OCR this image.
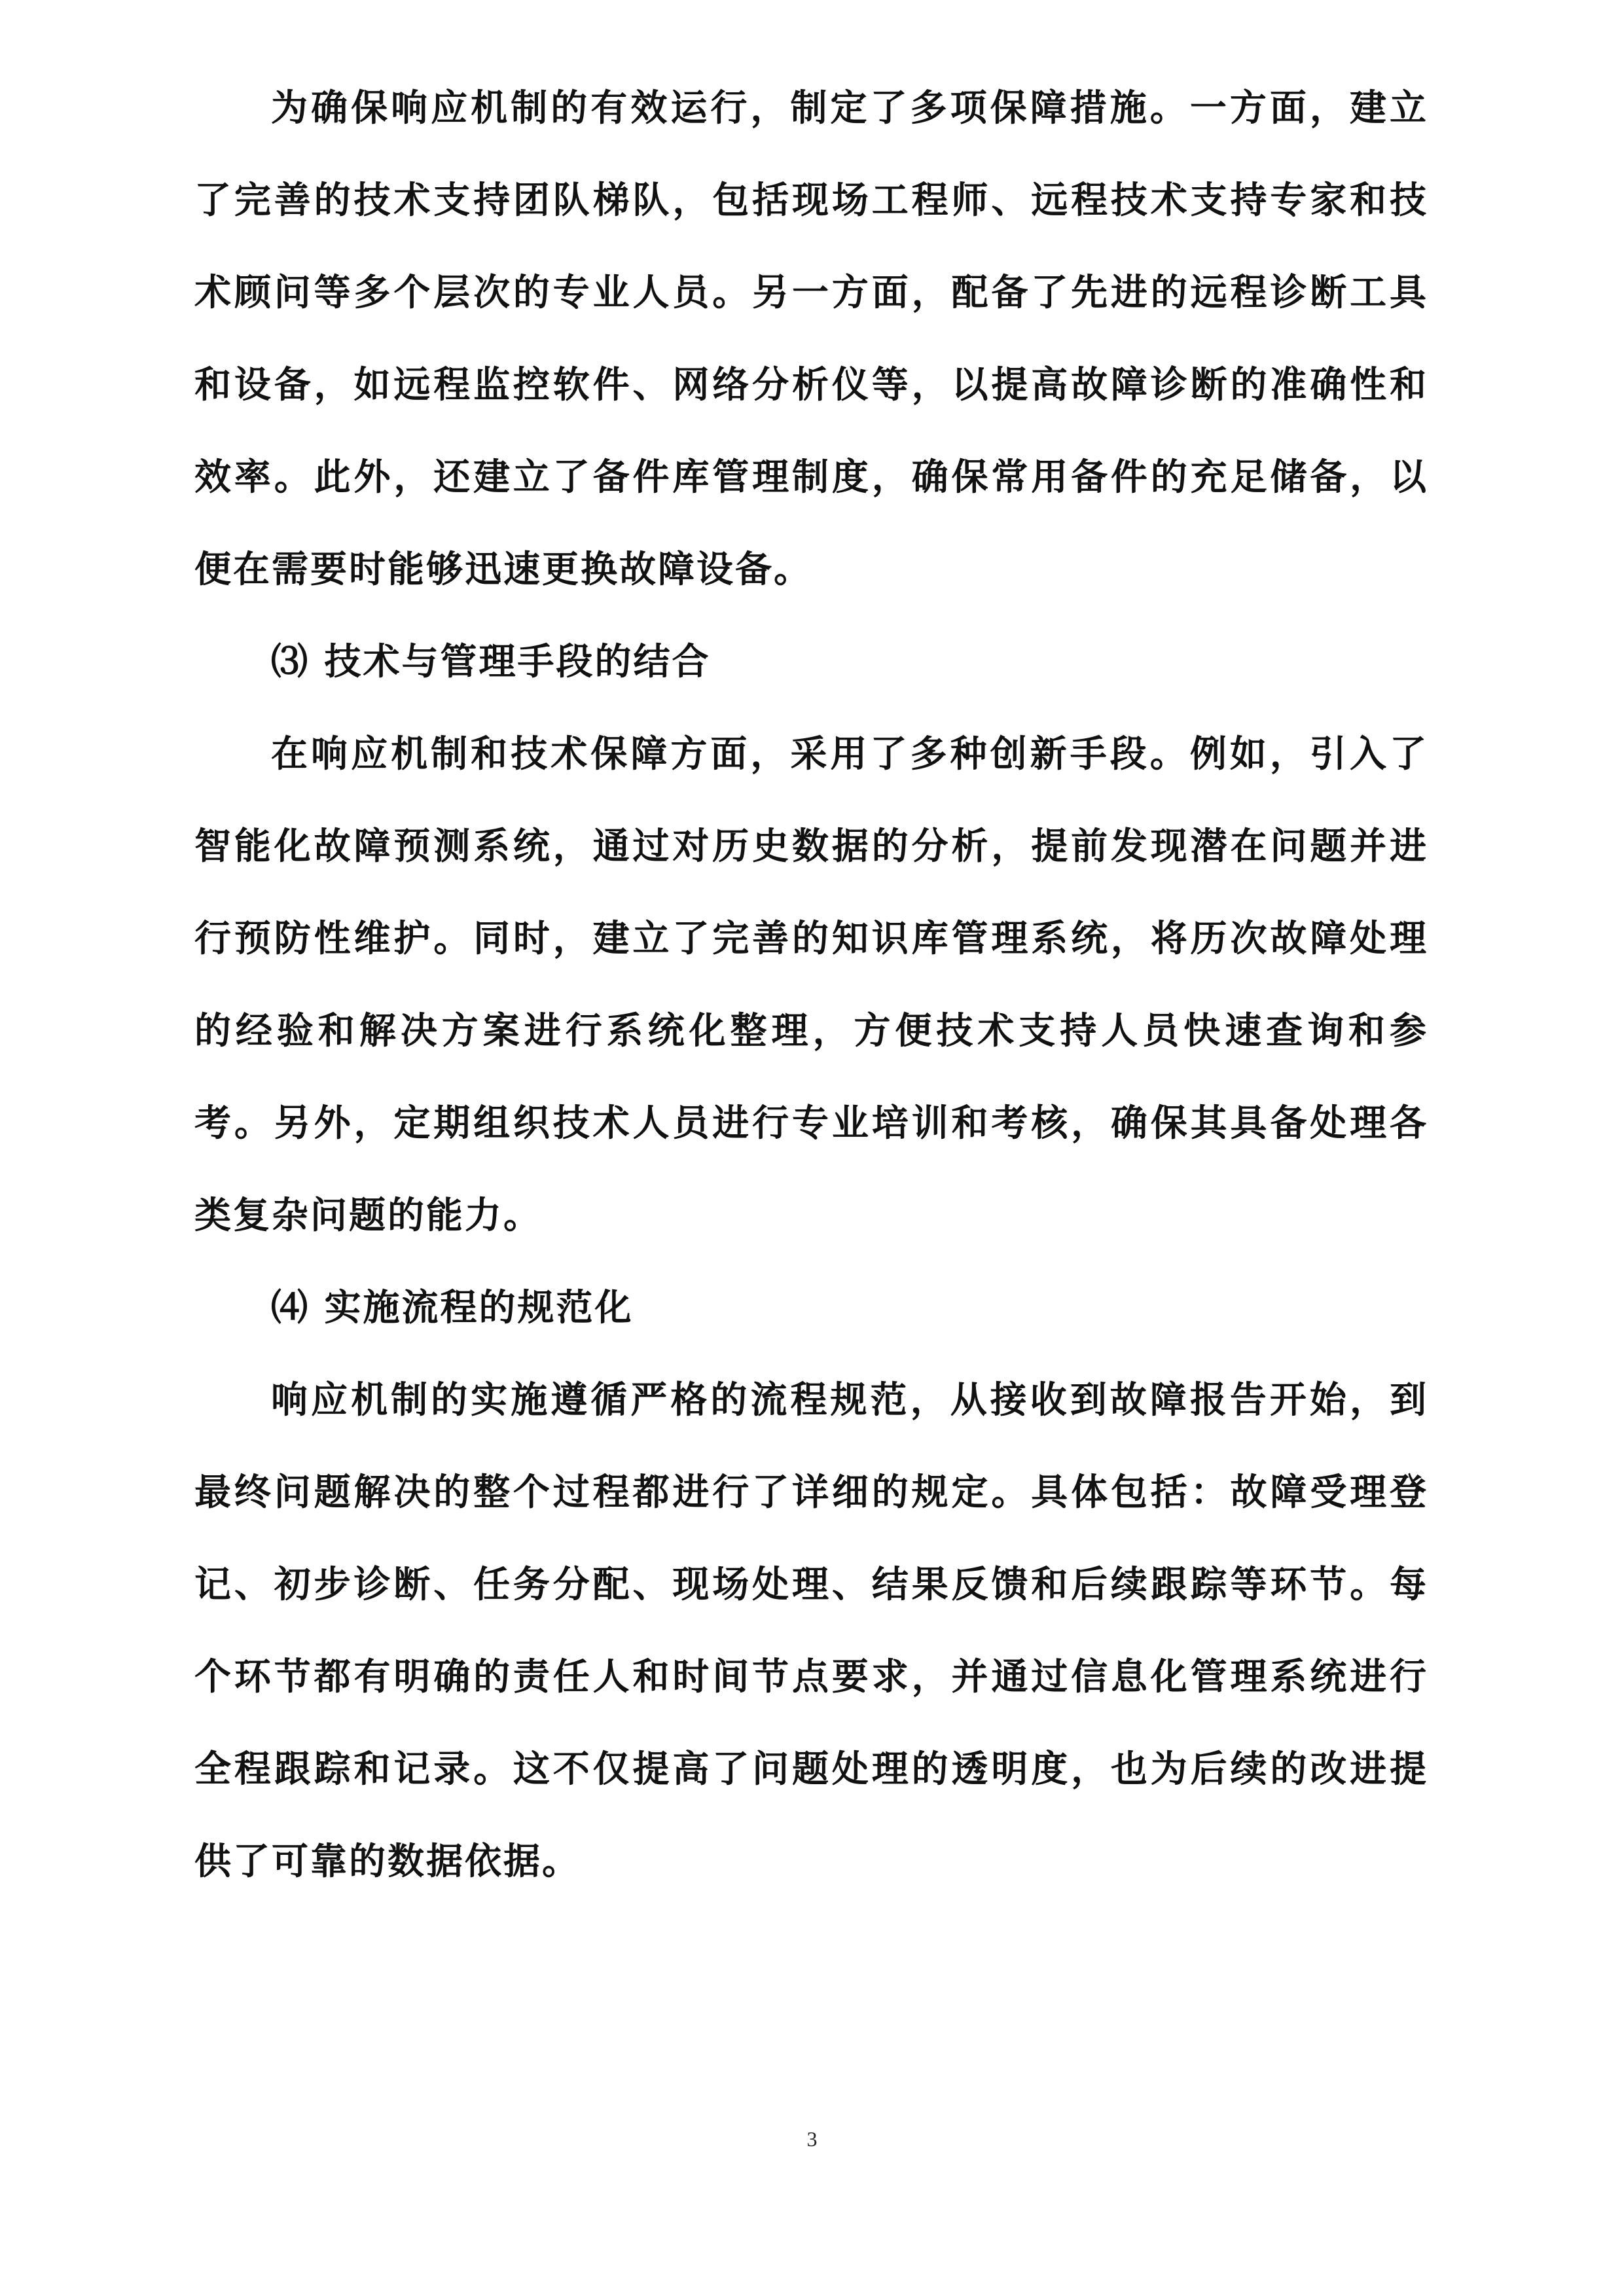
为确保响应机制的有效运行，制定了多项保障措施。一方面，建立了完善的技术支持团队梯队，包括现场工程师、远程技术支持专家和技术顾问等多个层次的专业人员。另一方面，配备了先进的远程诊断工具和设备，如远程监控软件、网络分析仪等，以提高故障诊断的准确性和效率。此外，还建立了备件库管理制度，确保常用备件的充足储备，以便在需要时能够迅速更换故障设备。

⑶ 技术与管理手段的结合

在响应机制和技术保障方面，采用了多种创新手段。例如，引入了智能化故障预测系统，通过对历史数据的分析，提前发现潜在问题并进行预防性维护。同时，建立了完善的知识库管理系统，将历次故障处理的经验和解决方案进行系统化整理，方便技术支持人员快速查询和参考。另外，定期组织技术人员进行专业培训和考核，确保其具备处理各类复杂问题的能力。

⑷ 实施流程的规范化

响应机制的实施遵循严格的流程规范，从接收到故障报告开始，到最终问题解决的整个过程都进行了详细的规定。具体包括：故障受理登记、初步诊断、任务分配、现场处理、结果反馈和后续跟踪等环节。每个环节都有明确的责任人和时间节点要求，并通过信息化管理系统进行全程跟踪和记录。这不仅提高了问题处理的透明度，也为后续的改进提供了可靠的数据依据。

3
